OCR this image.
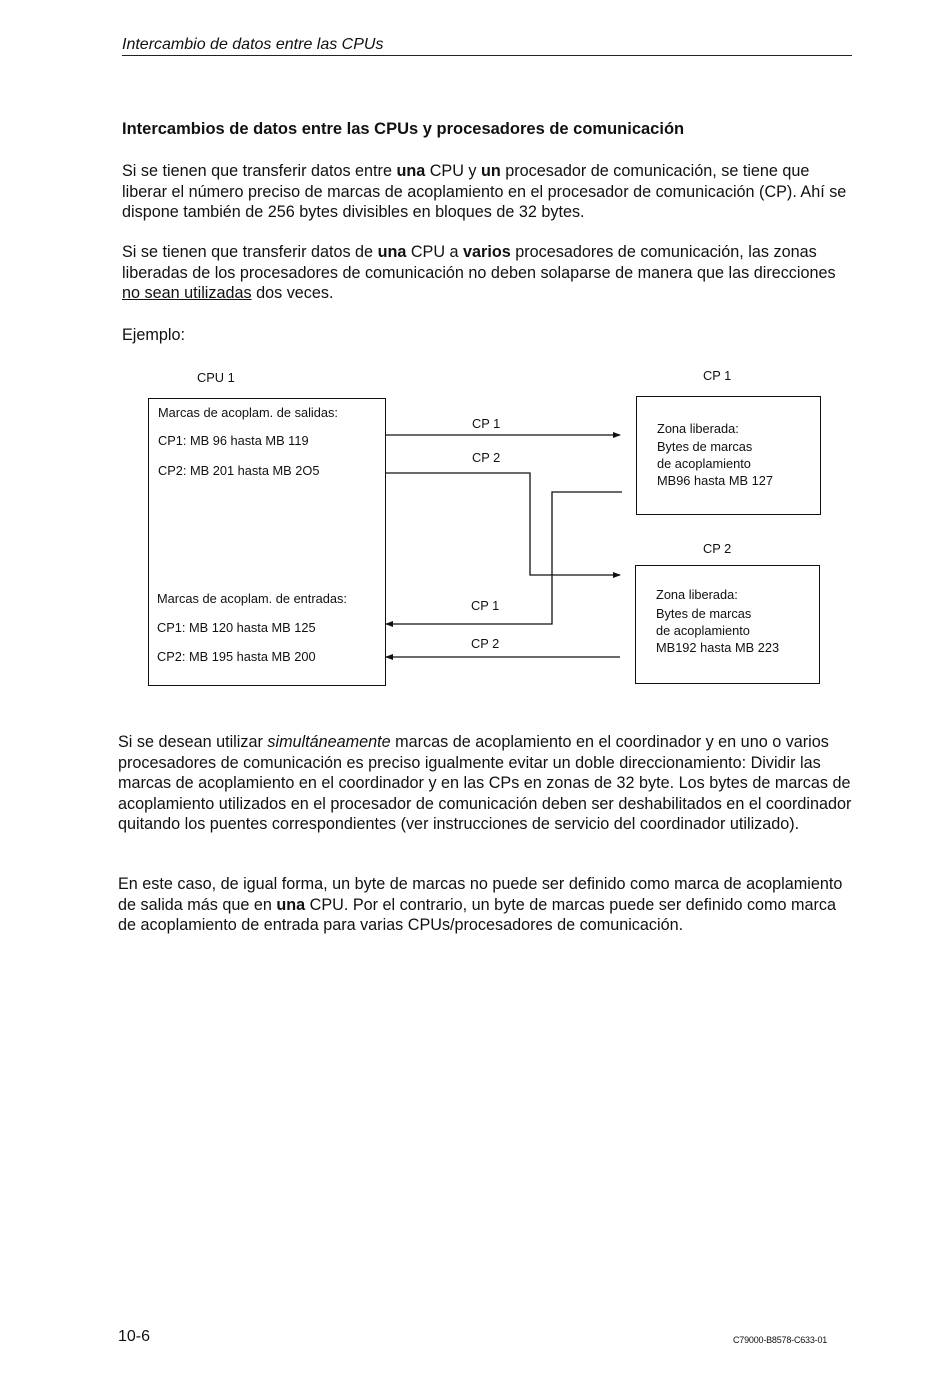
Intercambio de datos entre las CPUs
Intercambios de datos entre las CPUs y procesadores de comunicación

Si se tienen que transferir datos entre una CPU y un procesador de comunicación, se tiene que liberar el número preciso de marcas de acoplamiento en el procesador de comunicación (CP). Ahí se dispone también de 256 bytes divisibles en bloques de 32 bytes.

Si se tienen que transferir datos de una CPU a varios procesadores de comunicación, las zonas liberadas de los procesadores de comunicación no deben solaparse de manera que las direcciones no sean utilizadas dos veces.

Ejemplo:

CPU 1	CP 1
CP 2
Marcas de acoplam. de salidas:
CP1: MB 96 hasta MB 119
CP2: MB 201 hasta MB 2O5
Marcas de acoplam. de entradas:
CP1: MB 120 hasta MB 125
CP2: MB 195 hasta MB 200
CP 1
CP 2
CP 1
CP 2
Zona liberada:
Bytes de marcas
de acoplamiento
MB96 hasta MB 127
Zona liberada:
Bytes de marcas
de acoplamiento
MB192 hasta MB 223

Si se desean utilizar simultáneamente marcas de acoplamiento en el coordinador y en uno o varios procesadores de comunicación es preciso igualmente evitar un doble direccionamiento: Dividir las marcas de acoplamiento en el coordinador y en las CPs en zonas de 32 byte. Los bytes de marcas de acoplamiento utilizados en el procesador de comunicación deben ser deshabilitados en el coordinador quitando los puentes correspondientes (ver instrucciones de servicio del coordinador utilizado).

En este caso, de igual forma, un byte de marcas no puede ser definido como marca de acoplamiento de salida más que en una CPU. Por el contrario, un byte de marcas puede ser definido como marca de acoplamiento de entrada para varias CPUs/procesadores de comunicación.

10-6	C79000-B8578-C633-01
